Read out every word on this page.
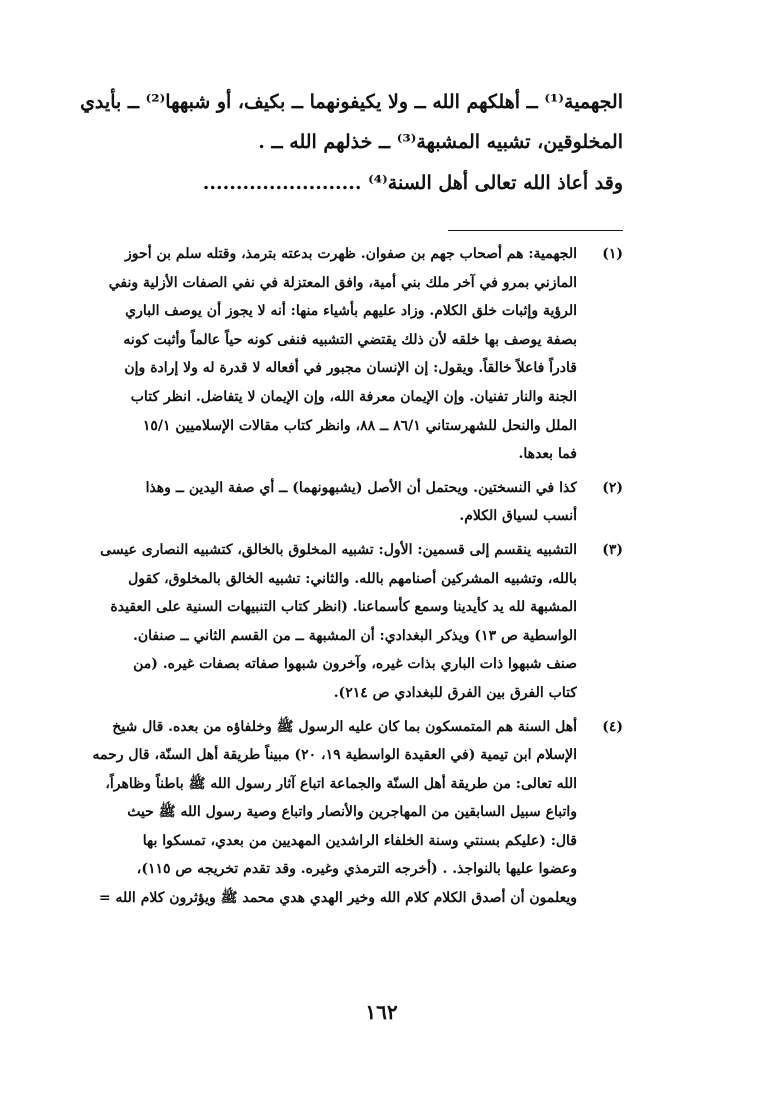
الجهمية⁽¹⁾ ــ أهلكهم الله ــ ولا يكيفونهما ــ بكيف، أو شبهها⁽²⁾ ــ بأيدي
المخلوقين، تشبيه المشبهة⁽³⁾ ــ خذلهم الله ــ .
وقد أعاذ الله تعالى أهل السنة⁽⁴⁾ ........................
(١)
الجهمية: هم أصحاب جهم بن صفوان. ظهرت بدعته بترمذ، وقتله سلم بن أحوز
المازني بمرو في آخر ملك بني أمية، وافق المعتزلة في نفي الصفات الأزلية ونفي
الرؤية وإثبات خلق الكلام. وزاد عليهم بأشياء منها: أنه لا يجوز أن يوصف الباري
بصفة يوصف بها خلقه لأن ذلك يقتضي التشبيه فنفى كونه حياً عالماً وأثبت كونه
قادراً فاعلاً خالقاً. ويقول: إن الإنسان مجبور في أفعاله لا قدرة له ولا إرادة وإن
الجنة والنار تفنيان. وإن الإيمان معرفة الله، وإن الإيمان لا يتفاضل. انظر كتاب
الملل والنحل للشهرستاني ٨٦/١ ــ ٨٨، وانظر كتاب مقالات الإسلاميين ١٥/١
فما بعدها.
(٢)
كذا في النسختين. ويحتمل أن الأصل (يشبهونهما) ــ أي صفة اليدين ــ وهذا
أنسب لسياق الكلام.
(٣)
التشبيه ينقسم إلى قسمين: الأول: تشبيه المخلوق بالخالق، كتشبيه النصارى عيسى
بالله، وتشبيه المشركين أصنامهم بالله. والثاني: تشبيه الخالق بالمخلوق، كقول
المشبهة لله يد كأيدينا وسمع كأسماعنا. (انظر كتاب التنبيهات السنية على العقيدة
الواسطية ص ١٣) ويذكر البغدادي: أن المشبهة ــ من القسم الثاني ــ صنفان.
صنف شبهوا ذات الباري بذات غيره، وآخرون شبهوا صفاته بصفات غيره. (من
كتاب الفرق بين الفرق للبغدادي ص ٢١٤).
(٤)
أهل السنة هم المتمسكون بما كان عليه الرسول ﷺ وخلفاؤه من بعده. قال شيخ
الإسلام ابن تيمية (في العقيدة الواسطية ١٩، ٢٠) مبيناً طريقة أهل السنّة، قال رحمه
الله تعالى: من طريقة أهل السنّة والجماعة اتباع آثار رسول الله ﷺ باطناً وظاهراً،
واتباع سبيل السابقين من المهاجرين والأنصار واتباع وصية رسول الله ﷺ حيث
قال: (عليكم بسنتي وسنة الخلفاء الراشدين المهديين من بعدي، تمسكوا بها
وعضوا عليها بالنواجذ. . (أخرجه الترمذي وغيره. وقد تقدم تخريجه ص ١١٥)،
ويعلمون أن أصدق الكلام كلام الله وخير الهدي هدي محمد ﷺ ويؤثرون كلام الله =
١٦٢
